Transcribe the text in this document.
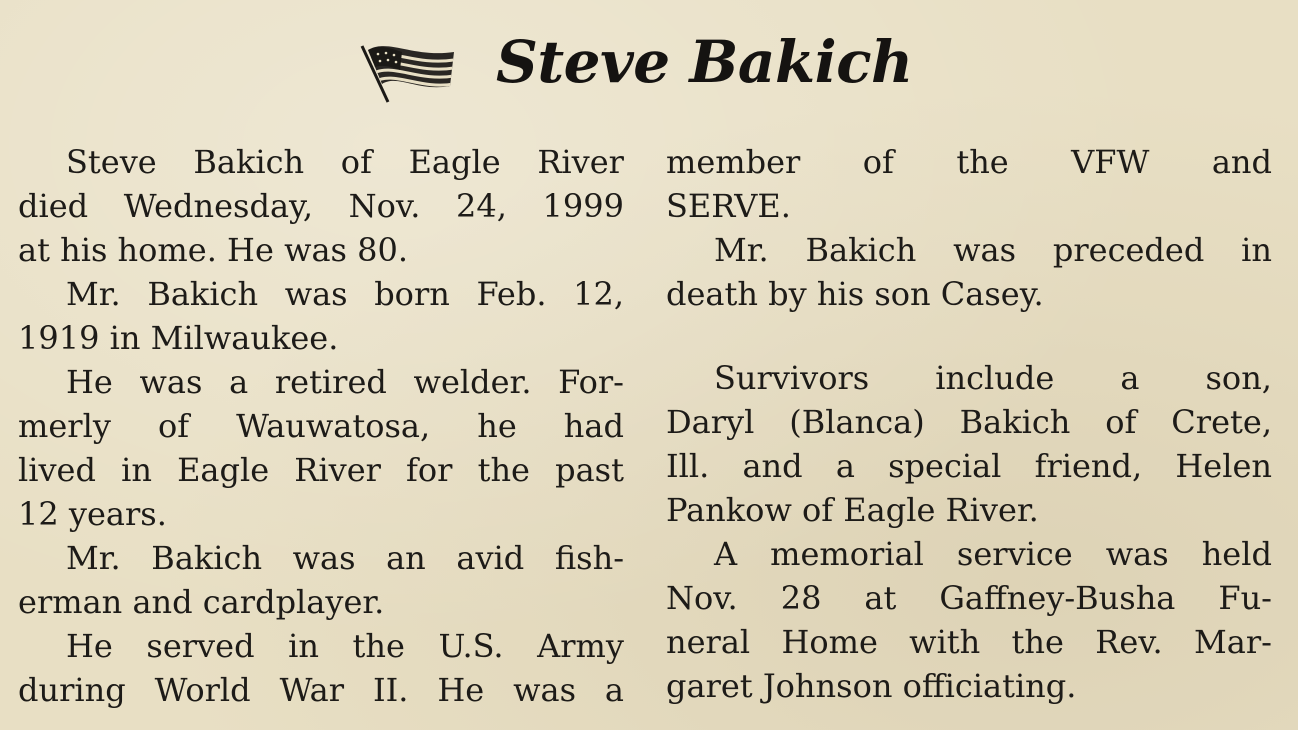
Steve Bakich
Steve Bakich of Eagle River
died Wednesday, Nov. 24, 1999
at his home. He was 80.
Mr. Bakich was born Feb. 12,
1919 in Milwaukee.
He was a retired welder. For-
merly of Wauwatosa, he had
lived in Eagle River for the past
12 years.
Mr. Bakich was an avid fish-
erman and cardplayer.
He served in the U.S. Army
during World War II. He was a
member of the VFW and
SERVE.
Mr. Bakich was preceded in
death by his son Casey.
Survivors include a son,
Daryl (Blanca) Bakich of Crete,
Ill. and a special friend, Helen
Pankow of Eagle River.
A memorial service was held
Nov. 28 at Gaffney-Busha Fu-
neral Home with the Rev. Mar-
garet Johnson officiating.
